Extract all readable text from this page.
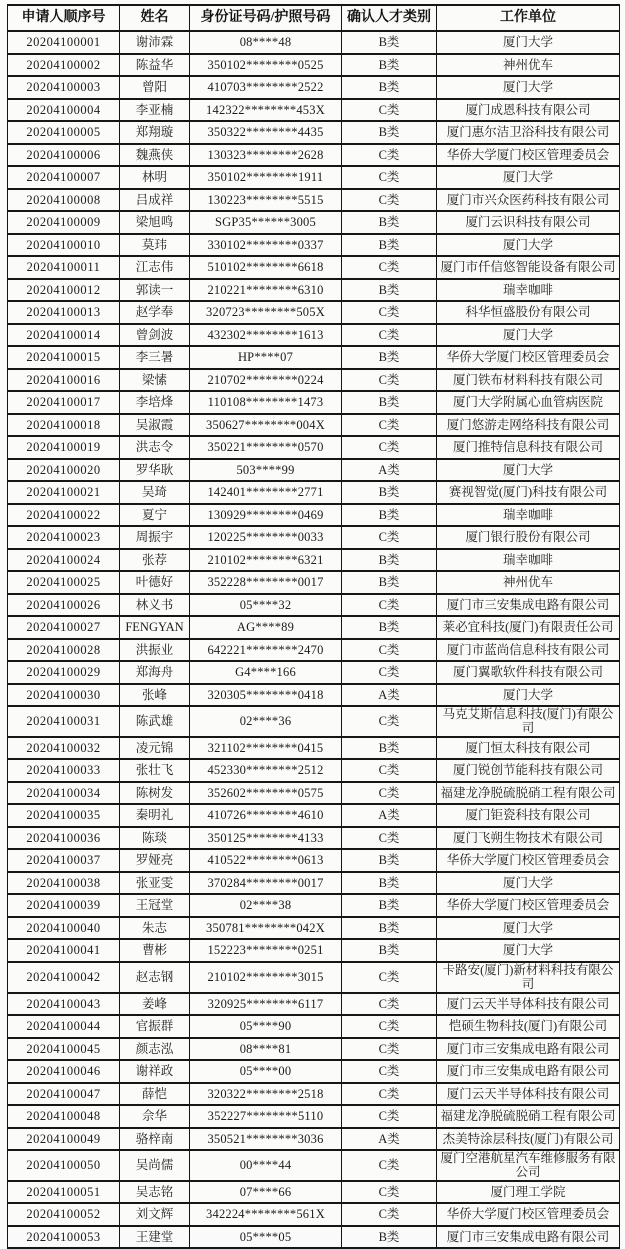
申请人顺序号	姓名	身份证号码/护照号码	确认人才类别	工作单位
20204100001	谢沛霖	08****48	B类	厦门大学
20204100002	陈益华	350102********0525	B类	神州优车
20204100003	曾阳	410703********2522	B类	厦门大学
20204100004	李亚楠	142322********453X	C类	厦门成恩科技有限公司
20204100005	郑翔璇	350322********4435	B类	厦门惠尔洁卫浴科技有限公司
20204100006	魏燕侠	130323********2628	C类	华侨大学厦门校区管理委员会
20204100007	林明	350102********1911	C类	厦门大学
20204100008	吕成祥	130223********5515	C类	厦门市兴众医药科技有限公司
20204100009	梁旭鸣	SGP35******3005	B类	厦门云识科技有限公司
20204100010	莫玮	330102********0337	B类	厦门大学
20204100011	江志伟	510102********6618	C类	厦门市仟信悠智能设备有限公司
20204100012	郭读一	210221********6310	B类	瑞幸咖啡
20204100013	赵学奉	320723********505X	C类	科华恒盛股份有限公司
20204100014	曾剑波	432302********1613	C类	厦门大学
20204100015	李三暑	HP****07	B类	华侨大学厦门校区管理委员会
20204100016	梁愫	210702********0224	C类	厦门铁布材料科技有限公司
20204100017	李培烽	110108********1473	B类	厦门大学附属心血管病医院
20204100018	吴淑霞	350627********004X	C类	厦门悠游走网络科技有限公司
20204100019	洪志令	350221********0570	C类	厦门推特信息科技有限公司
20204100020	罗华耿	503****99	A类	厦门大学
20204100021	吴琦	142401********2771	B类	赛视智觉(厦门)科技有限公司
20204100022	夏宁	130929********0469	B类	瑞幸咖啡
20204100023	周振宇	120225********0033	C类	厦门银行股份有限公司
20204100024	张荐	210102********6321	B类	瑞幸咖啡
20204100025	叶德好	352228********0017	B类	神州优车
20204100026	林义书	05****32	C类	厦门市三安集成电路有限公司
20204100027	FENGYAN	AG****89	B类	莱必宜科技(厦门)有限责任公司
20204100028	洪振业	642221********2470	C类	厦门市蓝尚信息科技有限公司
20204100029	郑海舟	G4****166	C类	厦门翼歌软件科技有限公司
20204100030	张峰	320305********0418	A类	厦门大学
20204100031	陈武雄	02****36	C类	马克艾斯信息科技(厦门)有限公司
20204100032	凌元锦	321102********0415	B类	厦门恒太科技有限公司
20204100033	张壮飞	452330********2512	C类	厦门锐创节能科技有限公司
20204100034	陈树发	352602********0575	C类	福建龙净脱硫脱硝工程有限公司
20204100035	秦明礼	410726********4610	A类	厦门钜瓷科技有限公司
20204100036	陈琰	350125********4133	C类	厦门飞朔生物技术有限公司
20204100037	罗娅亮	410522********0613	B类	华侨大学厦门校区管理委员会
20204100038	张亚雯	370284********0017	B类	厦门大学
20204100039	王冠堂	02****38	B类	华侨大学厦门校区管理委员会
20204100040	朱志	350781********042X	B类	厦门大学
20204100041	曹彬	152223********0251	B类	厦门大学
20204100042	赵志钢	210102********3015	C类	卡路安(厦门)新材料科技有限公司
20204100043	姜峰	320925********6117	C类	厦门云天半导体科技有限公司
20204100044	官振群	05****90	C类	恺硕生物科技(厦门)有限公司
20204100045	颜志泓	08****81	C类	厦门市三安集成电路有限公司
20204100046	谢祥政	05****00	C类	厦门市三安集成电路有限公司
20204100047	薛恺	320322********2518	C类	厦门云天半导体科技有限公司
20204100048	佘华	352227********5110	C类	福建龙净脱硫脱硝工程有限公司
20204100049	骆梓南	350521********3036	A类	杰美特涂层科技(厦门)有限公司
20204100050	吴尚儒	00****44	C类	厦门空港航星汽车维修服务有限公司
20204100051	吴志铭	07****66	C类	厦门理工学院
20204100052	刘文辉	342224********561X	C类	华侨大学厦门校区管理委员会
20204100053	王建堂	05****05	B类	厦门市三安集成电路有限公司
